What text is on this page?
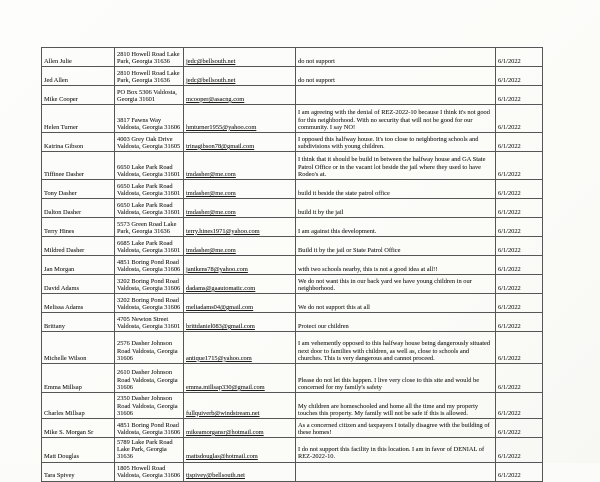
Allen Julie	2810 Howell Road Lake Park, Georgia 31636	jedc@bellsouth.net	do not support	6/1/2022
Jed Allen	2810 Howell Road Lake Park, Georgia 31636	jedc@bellsouth.net	do not support	6/1/2022
Mike Cooper	PO Box 5306 Valdosta, Georgia 31601	mcooper@asacng.com		6/1/2022
Helen Turner	3817 Fawns Way Valdosta, Georgia 31606	hmturner1955@yahoo.com	I am agreeing with the denial of REZ-2022-10 because I think it's not good for this neighborhood. With no security that will not be good for our community. I say NO!	6/1/2022
Katrina Gibson	4003 Grey Oak Drive Valdosta, Georgia 31605	trinagibson78@gmail.com	I opposed this halfway house. It's too close to neighboring schools and subdivisions with young children.	6/1/2022
Tiffinee Dasher	6650 Lake Park Road Valdosta, Georgia 31601	tmdasher@me.com	I think that it should be build in between the halfway house and GA State Patrol Office or in the vacant lot beside the jail where they used to have Rodeo's at.	6/1/2022
Tony Dasher	6650 Lake Park Road Valdosta, Georgia 31601	tmdasher@me.com	build it beside the state patrol office	6/1/2022
Dalton Dasher	6650 Lake Park Road Valdosta, Georgia 31601	tmdasher@me.com	build it by the jail	6/1/2022
Terry Hines	5573 Green Road Lake Park, Georgia 31636	terry.hines1971@yahoo.com	I am against this development.	6/1/2022
Mildred Dasher	6685 Lake Park Road Valdosta, Georgia 31601	tmdasher@me.com	Build it by the jail or State Patrol Office	6/1/2022
Jan Morgan	4851 Boring Pond Road Valdosta, Georgia 31606	janikens78@yahoo.com	with two schools nearby, this is not a good idea at all!!	6/1/2022
David Adams	3202 Boring Pond Road Valdosta, Georgia 31606	dadams@gaautomatic.com	We do not want this in our back yard we have young children in our neighborhood.	6/1/2022
Melissa Adams	3202 Boring Pond Road Valdosta, Georgia 31606	meliadams04@gmail.com	We do not support this at all	6/1/2022
Brittany	4705 Newton Street Valdosta, Georgia 31601	brittdaniel083@gmail.com	Protect our children	6/1/2022
Michelle Wilson	2576 Dasher Johnson Road Valdosta, Georgia 31606	antique1715@yahoo.com	I am vehemently opposed to this halfway house being dangerously situated next door to families with children, as well as, close to schools and churches. This is very dangerous and cannot proceed.	6/1/2022
Emma Millsap	2610 Dasher Johnson Road Valdosta, Georgia 31606	emma.millsap330@gmail.com	Please do not let this happen. I live very close to this site and would be concerned for my family's safety	6/1/2022
Charles Millsap	2350 Dasher Johnson Road Valdosta, Georgia 31606	fullquiverb@windstream.net	My children are homeschooled and home all the time and my property touches this property. My family will not be safe if this is allowed.	6/1/2022
Mike S. Morgan Sr	4851 Boring Pond Road Valdosta, Georgia 31606	mikeamorgansr@hotmail.com	As a concerned citizen and taxpayers I totally disagree with the building of these homes!	6/1/2022
Matt Douglas	5789 Lake Park Road Lake Park, Georgia 31636	mattsdouglas@hotmail.com	I do not support this facility in this location. I am in favor of DENIAL of REZ-2022-10.	6/1/2022
Tara Spivey	1805 Howell Road Valdosta, Georgia 31606	tjspivey@bellsouth.net		6/1/2022
